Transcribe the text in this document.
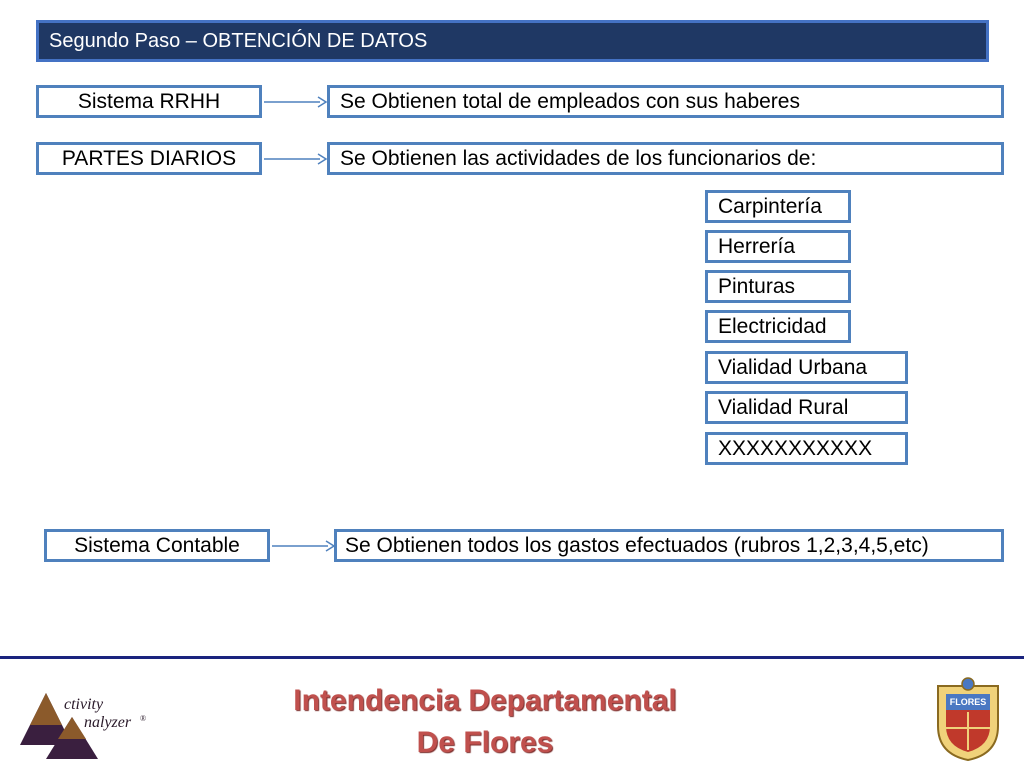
Segundo Paso – OBTENCIÓN DE DATOS
Sistema RRHH	Se Obtienen total de empleados con sus haberes
PARTES DIARIOS	Se Obtienen las actividades de los funcionarios de:
Carpintería
Herrería
Pinturas
Electricidad
Vialidad Urbana
Vialidad Rural
XXXXXXXXXXX
Sistema Contable	Se Obtienen todos los gastos efectuados (rubros 1,2,3,4,5,etc)
ctivity
nalyzer ®
Intendencia Departamental
De Flores
FLORES
